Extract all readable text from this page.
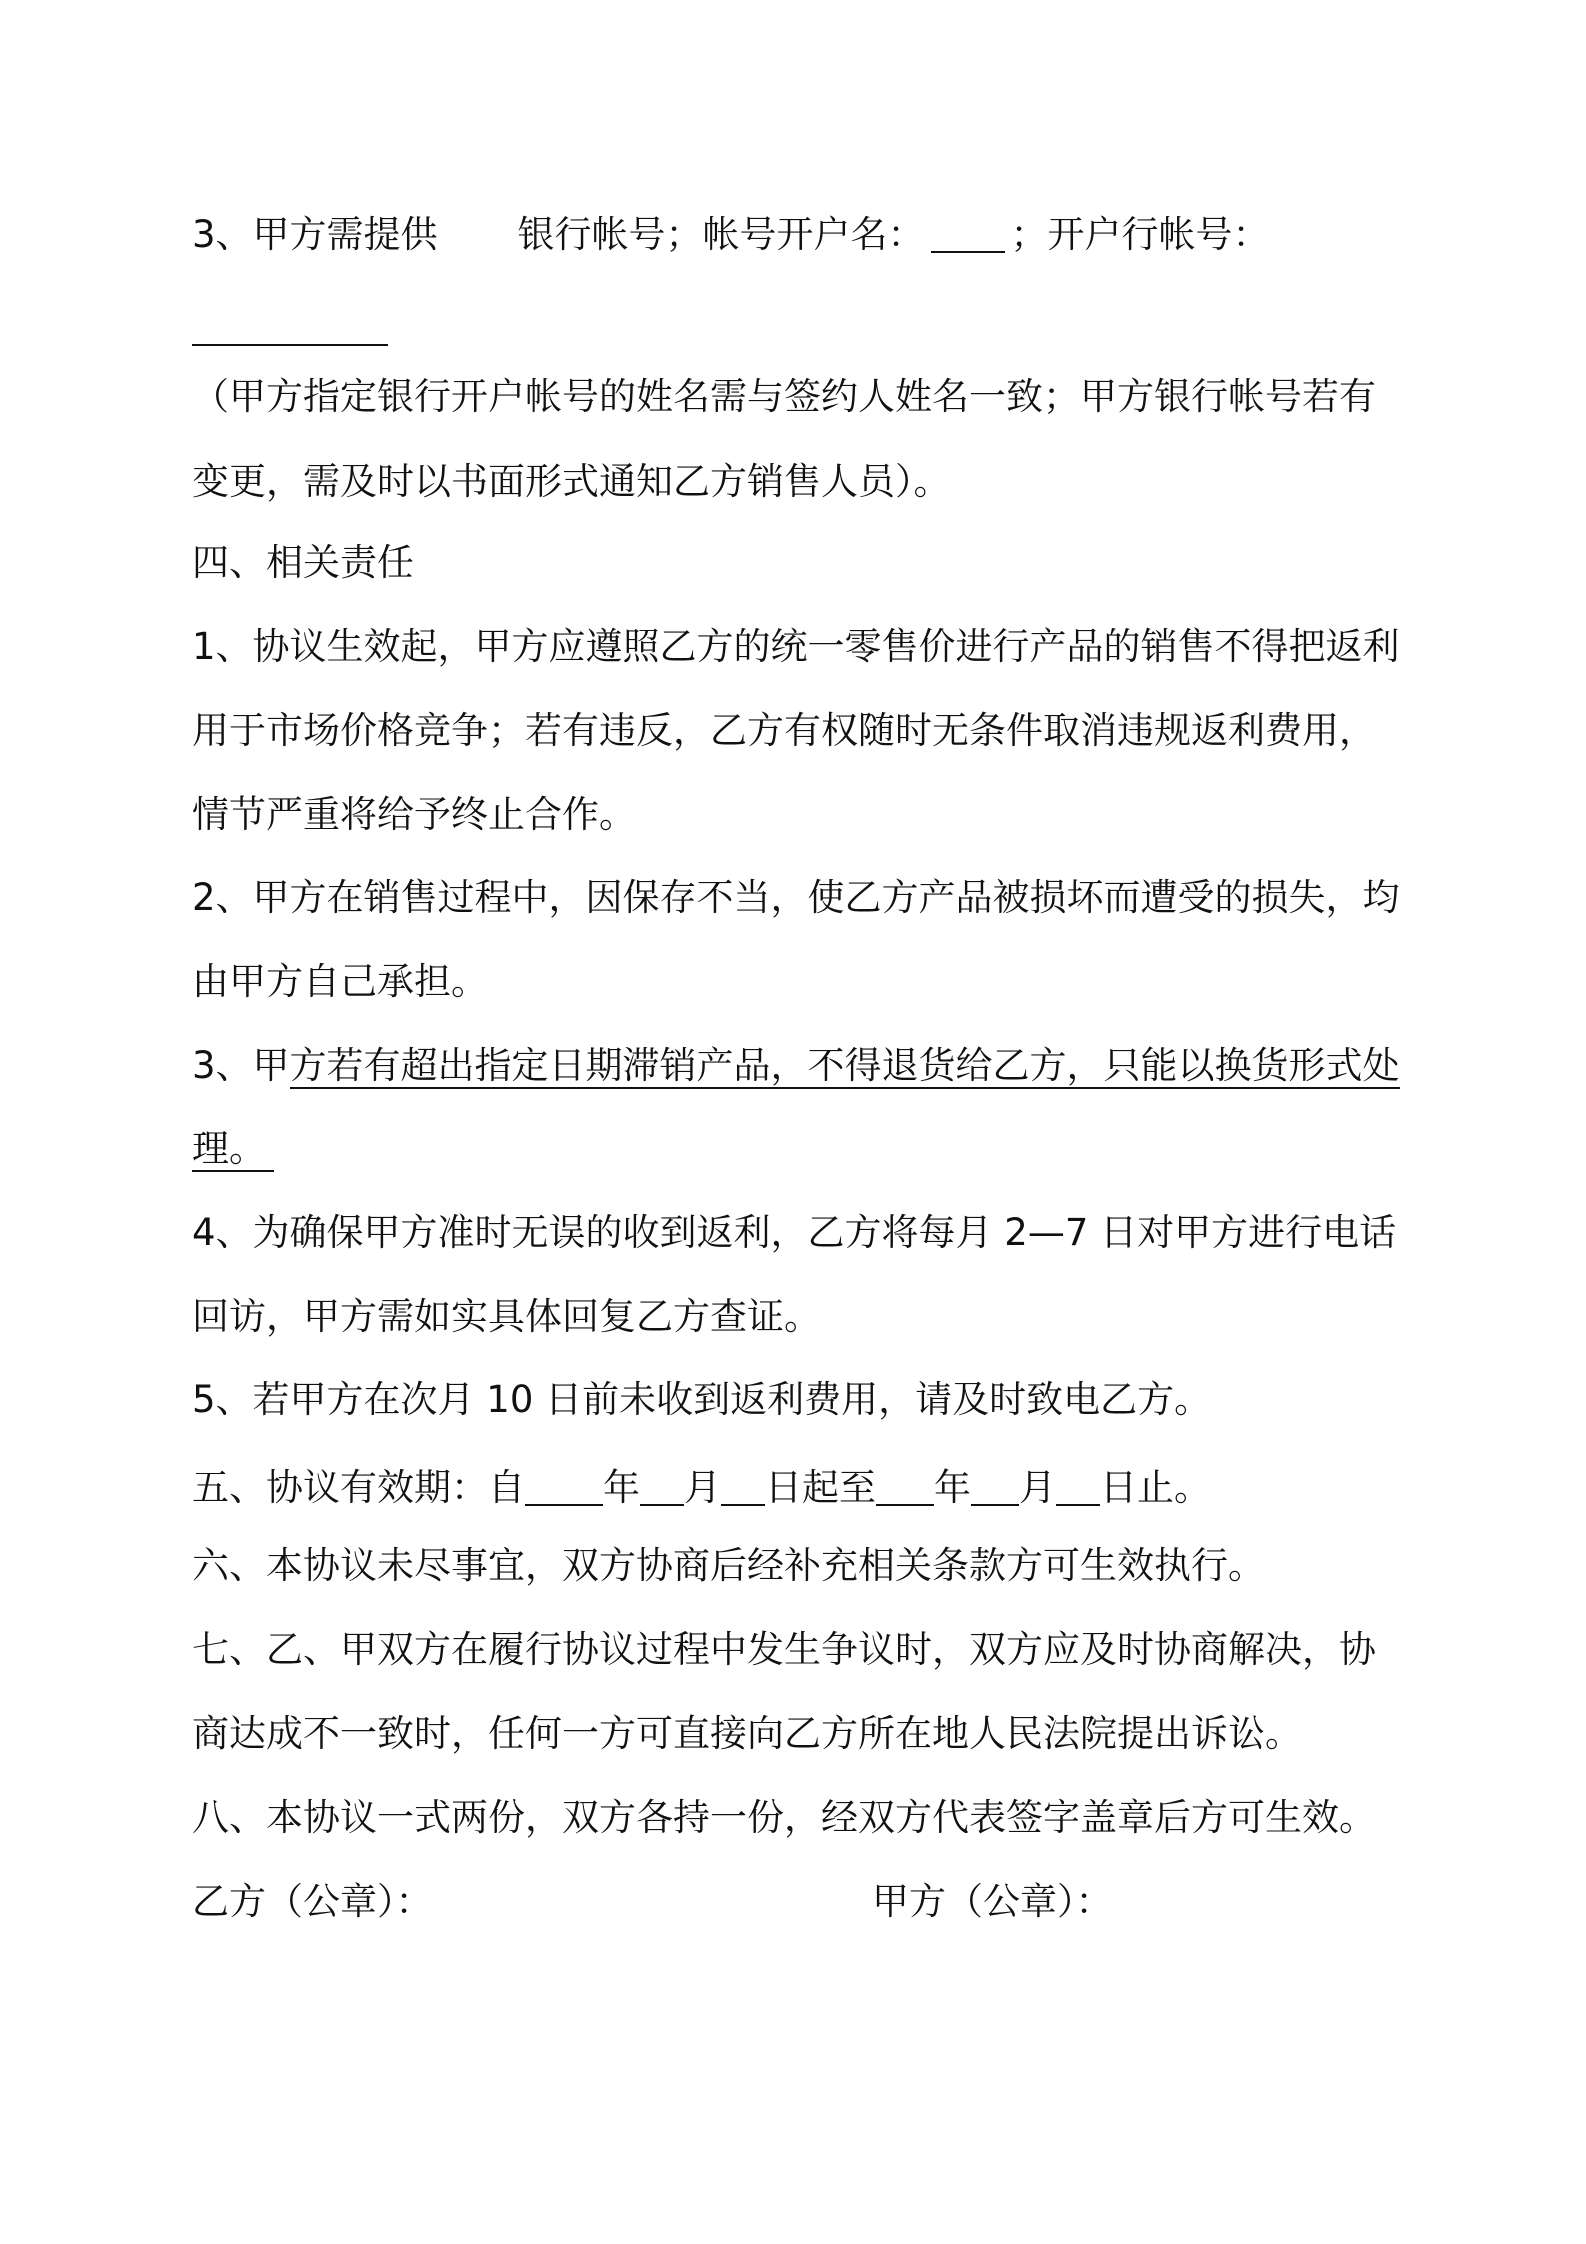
3、甲方需提供 银行帐号；帐号开户名： ；开户行帐号：
（甲方指定银行开户帐号的姓名需与签约人姓名一致；甲方银行帐号若有
变更，需及时以书面形式通知乙方销售人员）。
四、相关责任
1、协议生效起，甲方应遵照乙方的统一零售价进行产品的销售不得把返利
用于市场价格竞争；若有违反，乙方有权随时无条件取消违规返利费用，
情节严重将给予终止合作。
2、甲方在销售过程中，因保存不当，使乙方产品被损坏而遭受的损失，均
由甲方自己承担。
3、甲方若有超出指定日期滞销产品，不得退货给乙方，只能以换货形式处
理。
4、为确保甲方准时无误的收到返利，乙方将每月 2—7 日对甲方进行电话
回访，甲方需如实具体回复乙方查证。
5、若甲方在次月 10 日前未收到返利费用，请及时致电乙方。
五、协议有效期：自 年 月 日起至 年 月 日止。
六、本协议未尽事宜，双方协商后经补充相关条款方可生效执行。
七、乙、甲双方在履行协议过程中发生争议时，双方应及时协商解决，协
商达成不一致时，任何一方可直接向乙方所在地人民法院提出诉讼。
八、本协议一式两份，双方各持一份，经双方代表签字盖章后方可生效。
乙方（公章）：	甲方（公章）：
